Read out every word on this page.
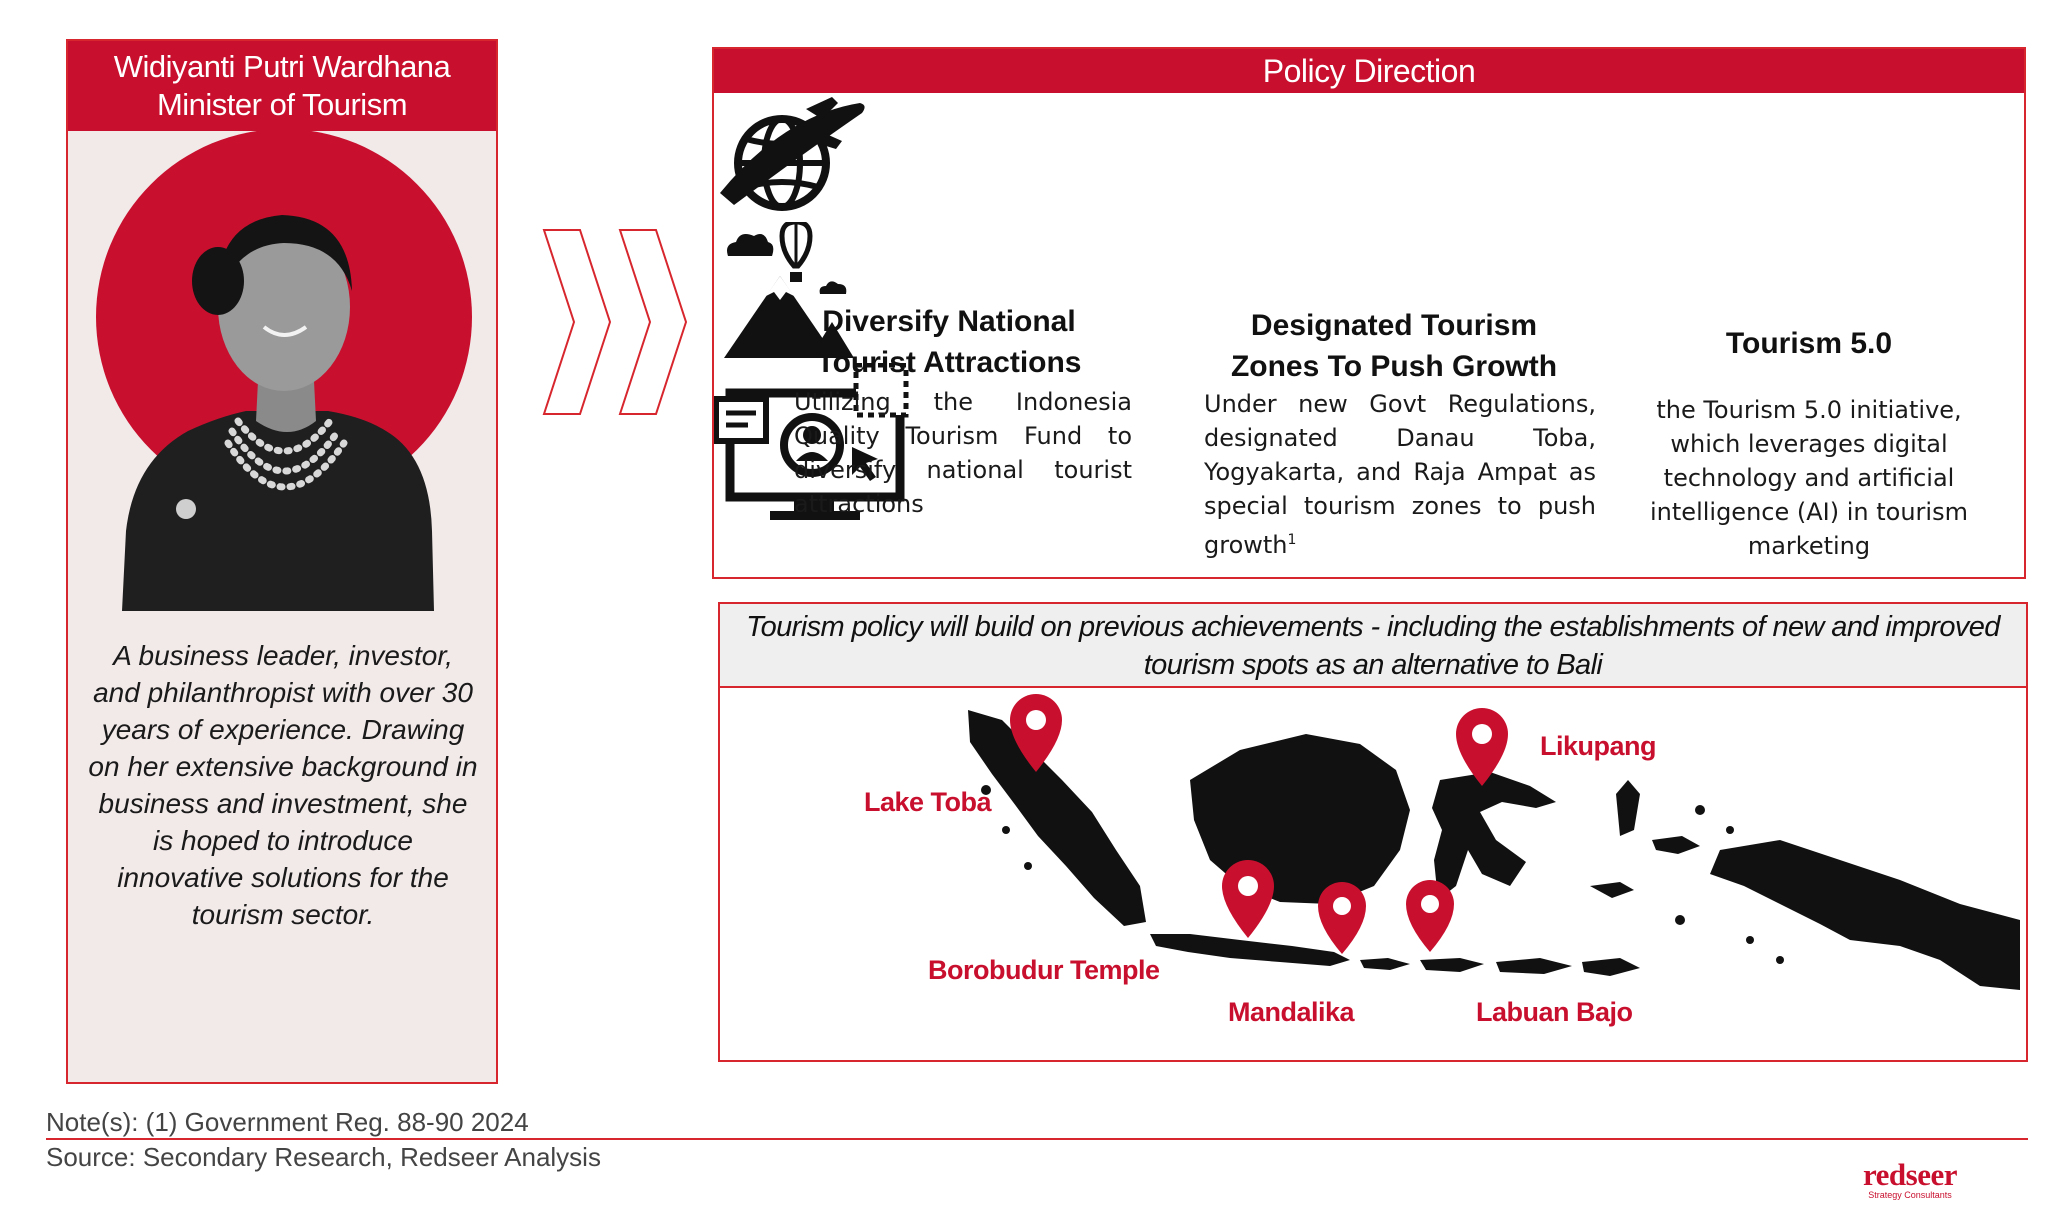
Widiyanti Putri Wardhana
Minister of Tourism
A business leader, investor, and philanthropist with over 30 years of experience. Drawing on her extensive background in business and investment, she is hoped to introduce innovative solutions for the tourism sector.
Policy Direction
Diversify National Tourist Attractions
Utilizing the Indonesia Quality Tourism Fund to diversify national tourist attractions
Designated Tourism Zones To Push Growth
Under new Govt Regulations, designated Danau Toba, Yogyakarta, and Raja Ampat as special tourism zones to push growth$^1$
Tourism 5.0
the Tourism 5.0 initiative, which leverages digital technology and artificial intelligence (AI) in tourism marketing
Tourism policy will build on previous achievements - including the establishments of new and improved tourism spots as an alternative to Bali
Lake Toba
Likupang
Borobudur Temple
Mandalika	Labuan Bajo
Note(s): (1) Government Reg. 88-90 2024
Source: Secondary Research, Redseer Analysis	redseer
Strategy Consultants
